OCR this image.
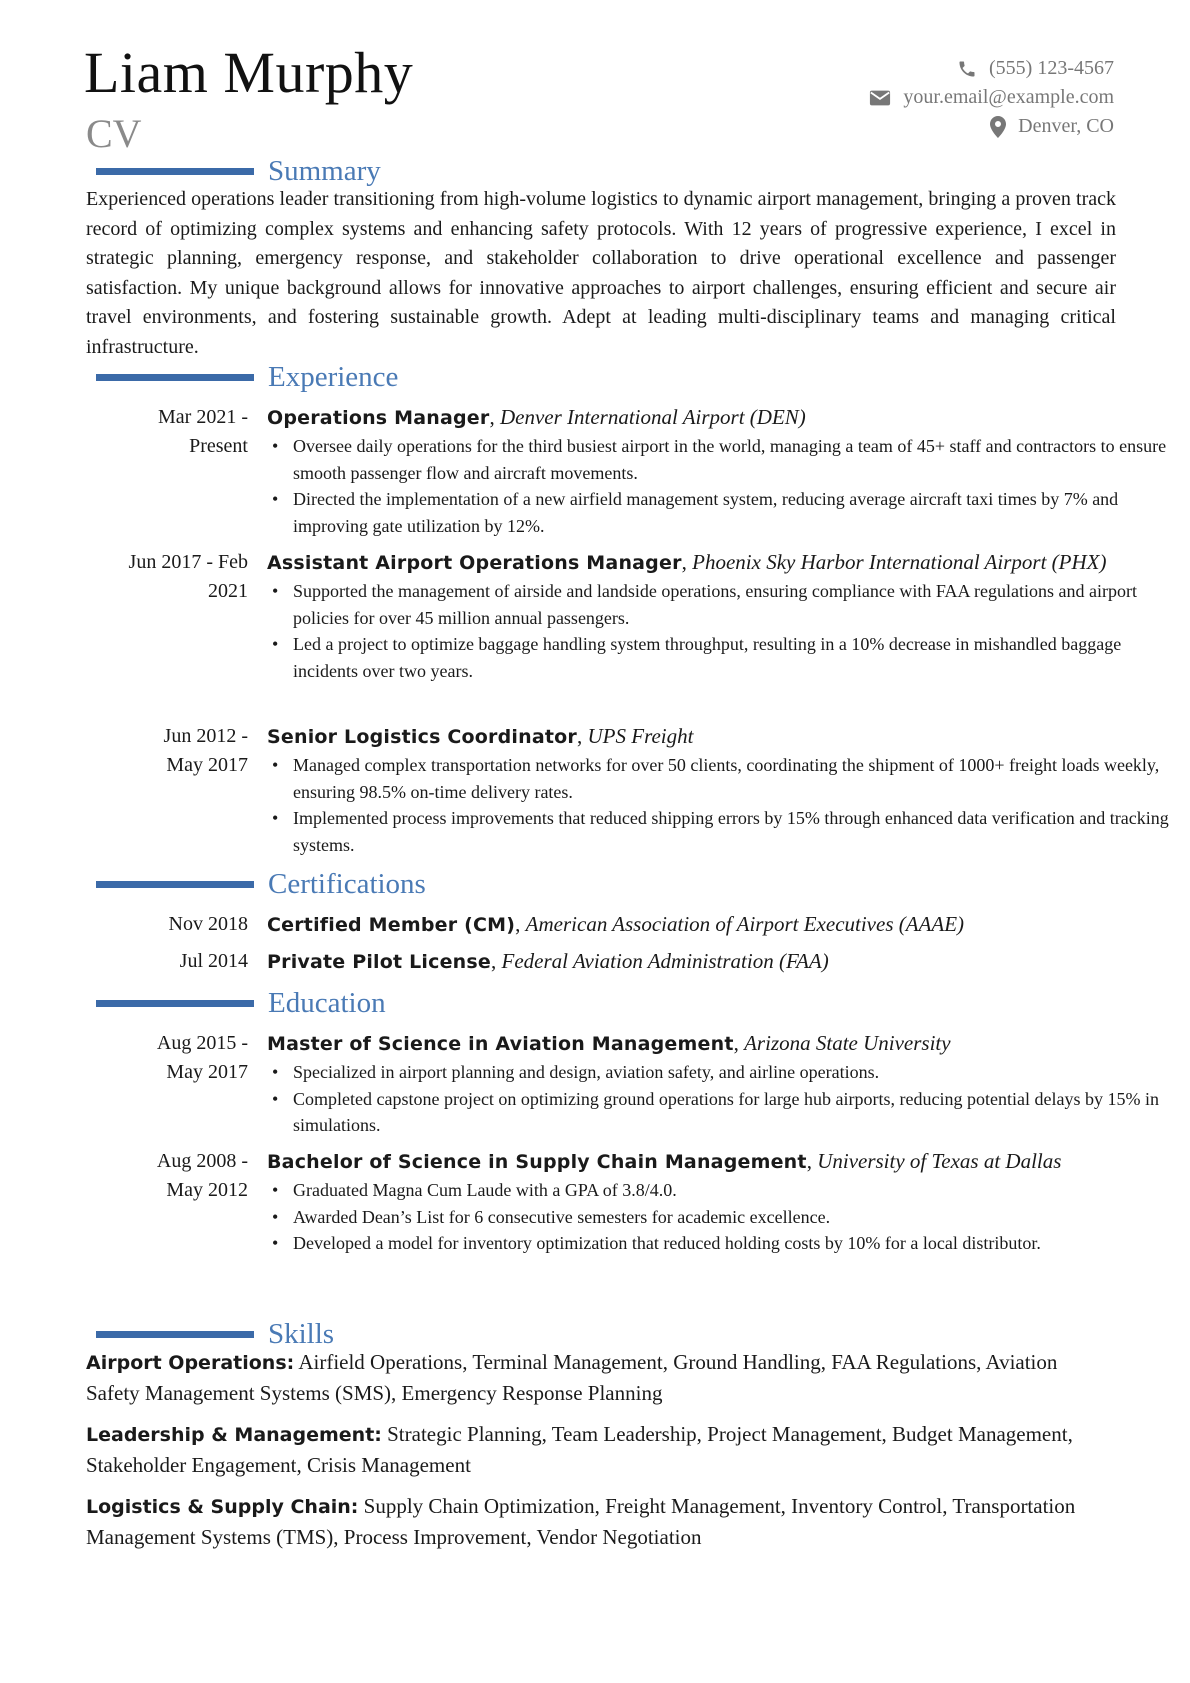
Liam Murphy
CV
(555) 123-4567
your.email@example.com
Denver, CO
Summary
Experienced operations leader transitioning from high-volume logistics to dynamic airport management, bringing a proven track record of optimizing complex systems and enhancing safety protocols. With 12 years of progressive experience, I excel in strategic planning, emergency response, and stakeholder collaboration to drive operational excellence and passenger satisfaction. My unique background allows for innovative approaches to airport challenges, ensuring efficient and secure air travel environments, and fostering sustainable growth. Adept at leading multi-disciplinary teams and managing critical infrastructure.
Experience
Mar 2021 -
Present
Operations Manager, Denver International Airport (DEN)
• Oversee daily operations for the third busiest airport in the world, managing a team of 45+ staff and contractors to ensure smooth passenger flow and aircraft movements.
• Directed the implementation of a new airfield management system, reducing average aircraft taxi times by 7% and improving gate utilization by 12%.
Jun 2017 - Feb
2021
Assistant Airport Operations Manager, Phoenix Sky Harbor International Airport (PHX)
• Supported the management of airside and landside operations, ensuring compliance with FAA regulations and airport policies for over 45 million annual passengers.
• Led a project to optimize baggage handling system throughput, resulting in a 10% decrease in mishandled baggage incidents over two years.
Jun 2012 -
May 2017
Senior Logistics Coordinator, UPS Freight
• Managed complex transportation networks for over 50 clients, coordinating the shipment of 1000+ freight loads weekly, ensuring 98.5% on-time delivery rates.
• Implemented process improvements that reduced shipping errors by 15% through enhanced data verification and tracking systems.
Certifications
Nov 2018 Certified Member (CM), American Association of Airport Executives (AAAE)
Jul 2014 Private Pilot License, Federal Aviation Administration (FAA)
Education
Aug 2015 -
May 2017
Master of Science in Aviation Management, Arizona State University
• Specialized in airport planning and design, aviation safety, and airline operations.
• Completed capstone project on optimizing ground operations for large hub airports, reducing potential delays by 15% in simulations.
Aug 2008 -
May 2012
Bachelor of Science in Supply Chain Management, University of Texas at Dallas
• Graduated Magna Cum Laude with a GPA of 3.8/4.0.
• Awarded Dean’s List for 6 consecutive semesters for academic excellence.
• Developed a model for inventory optimization that reduced holding costs by 10% for a local distributor.
Skills
Airport Operations: Airfield Operations, Terminal Management, Ground Handling, FAA Regulations, Aviation Safety Management Systems (SMS), Emergency Response Planning
Leadership & Management: Strategic Planning, Team Leadership, Project Management, Budget Management, Stakeholder Engagement, Crisis Management
Logistics & Supply Chain: Supply Chain Optimization, Freight Management, Inventory Control, Transportation Management Systems (TMS), Process Improvement, Vendor Negotiation
